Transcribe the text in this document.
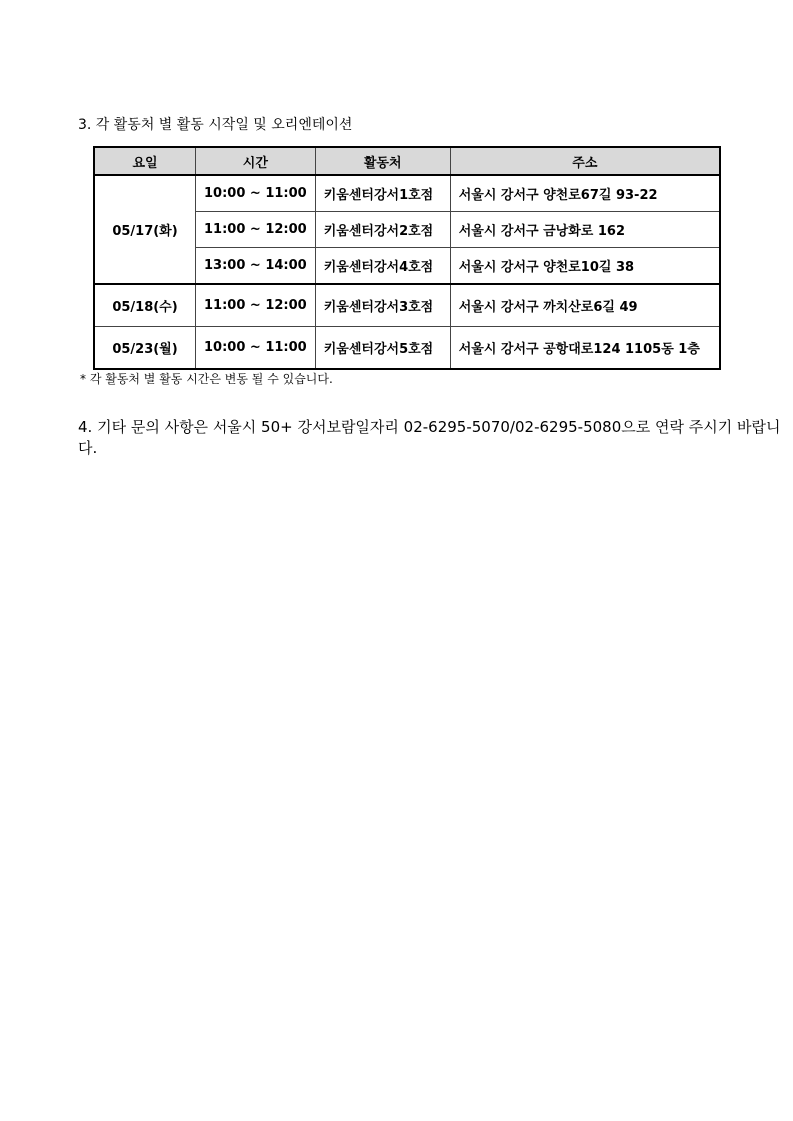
3. 각 활동처 별 활동 시작일 및 오리엔테이션
요일	시간	활동처	주소
05/17(화)	10:00 ~ 11:00	키움센터강서1호점	서울시 강서구 양천로67길 93-22
	11:00 ~ 12:00	키움센터강서2호점	서울시 강서구 금낭화로 162
	13:00 ~ 14:00	키움센터강서4호점	서울시 강서구 양천로10길 38
05/18(수)	11:00 ~ 12:00	키움센터강서3호점	서울시 강서구 까치산로6길 49
05/23(월)	10:00 ~ 11:00	키움센터강서5호점	서울시 강서구 공항대로124 1105동 1층
* 각 활동처 별 활동 시간은 변동 될 수 있습니다.
4. 기타 문의 사항은 서울시 50+ 강서보람일자리 02-6295-5070/02-6295-5080으로 연락 주시기 바랍니다.
